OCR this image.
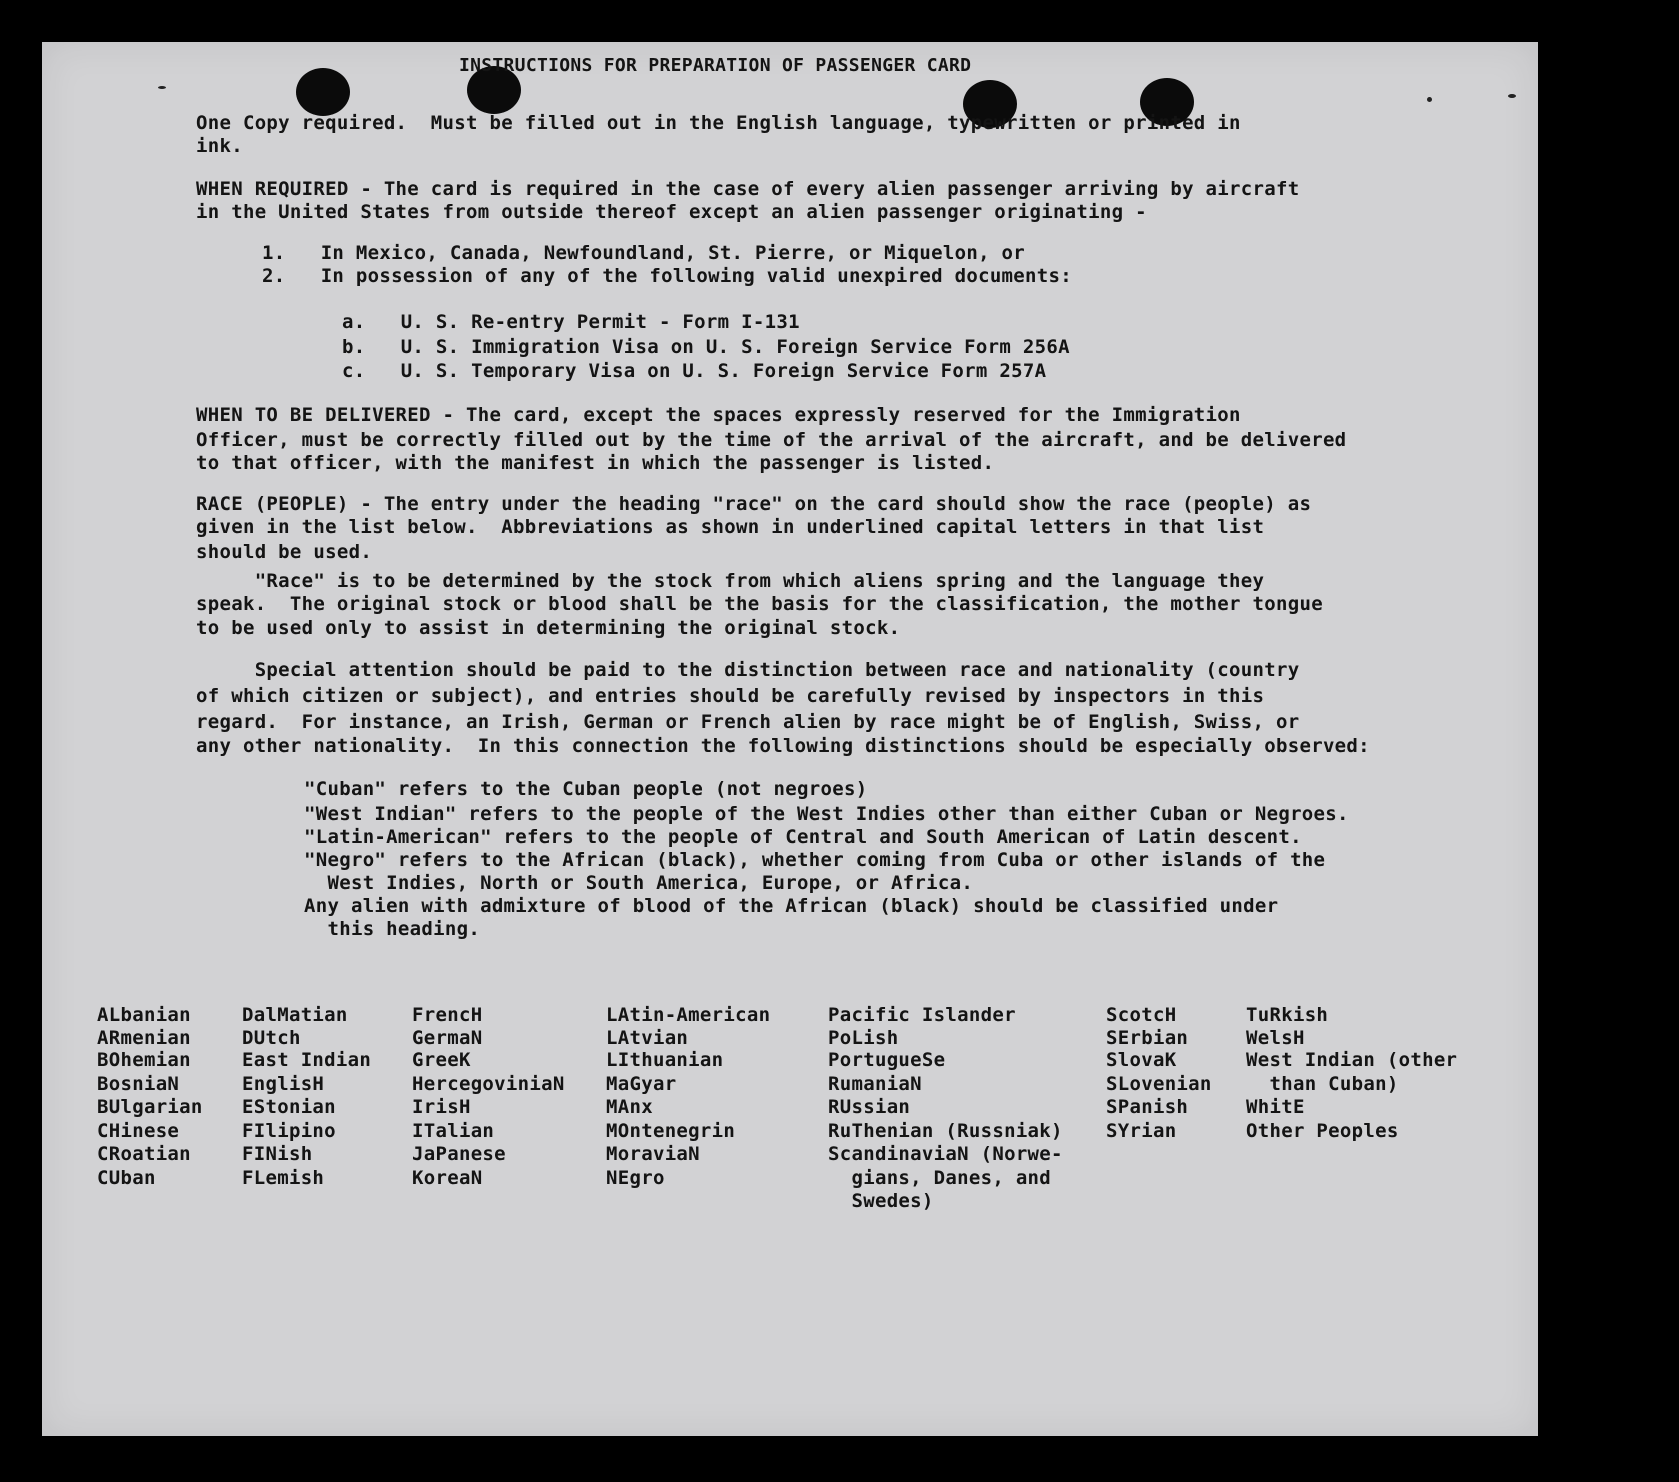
INSTRUCTIONS FOR PREPARATION OF PASSENGER CARD
One Copy required.  Must be filled out in the English language, typewritten or printed in
ink.
WHEN REQUIRED - The card is required in the case of every alien passenger arriving by aircraft
in the United States from outside thereof except an alien passenger originating -
1.   In Mexico, Canada, Newfoundland, St. Pierre, or Miquelon, or
2.   In possession of any of the following valid unexpired documents:
a.   U. S. Re-entry Permit - Form I-131
b.   U. S. Immigration Visa on U. S. Foreign Service Form 256A
c.   U. S. Temporary Visa on U. S. Foreign Service Form 257A
WHEN TO BE DELIVERED - The card, except the spaces expressly reserved for the Immigration
Officer, must be correctly filled out by the time of the arrival of the aircraft, and be delivered
to that officer, with the manifest in which the passenger is listed.
RACE (PEOPLE) - The entry under the heading "race" on the card should show the race (people) as
given in the list below.  Abbreviations as shown in underlined capital letters in that list
should be used.
"Race" is to be determined by the stock from which aliens spring and the language they
speak.  The original stock or blood shall be the basis for the classification, the mother tongue
to be used only to assist in determining the original stock.
Special attention should be paid to the distinction between race and nationality (country
of which citizen or subject), and entries should be carefully revised by inspectors in this
regard.  For instance, an Irish, German or French alien by race might be of English, Swiss, or
any other nationality.  In this connection the following distinctions should be especially observed:
"Cuban" refers to the Cuban people (not negroes)
"West Indian" refers to the people of the West Indies other than either Cuban or Negroes.
"Latin-American" refers to the people of Central and South American of Latin descent.
"Negro" refers to the African (black), whether coming from Cuba or other islands of the
West Indies, North or South America, Europe, or Africa.
Any alien with admixture of blood of the African (black) should be classified under
this heading.
ALbanian
ARmenian
BOhemian
BosniaN
BUlgarian
CHinese
CRoatian
CUban
DalMatian
DUtch
East Indian
EnglisH
EStonian
FIlipino
FINish
FLemish
FrencH
GermaN
GreeK
HercegoviniaN
IrisH
ITalian
JaPanese
KoreaN
LAtin-American
LAtvian
LIthuanian
MaGyar
MAnx
MOntenegrin
MoraviaN
NEgro
Pacific Islander
PoLish
PortugueSe
RumaniaN
RUssian
RuThenian (Russniak)
ScandinaviaN (Norwe-
gians, Danes, and
Swedes)
ScotcH
SErbian
SlovaK
SLovenian
SPanish
SYrian
TuRkish
WelsH
West Indian (other
than Cuban)
WhitE
Other Peoples
